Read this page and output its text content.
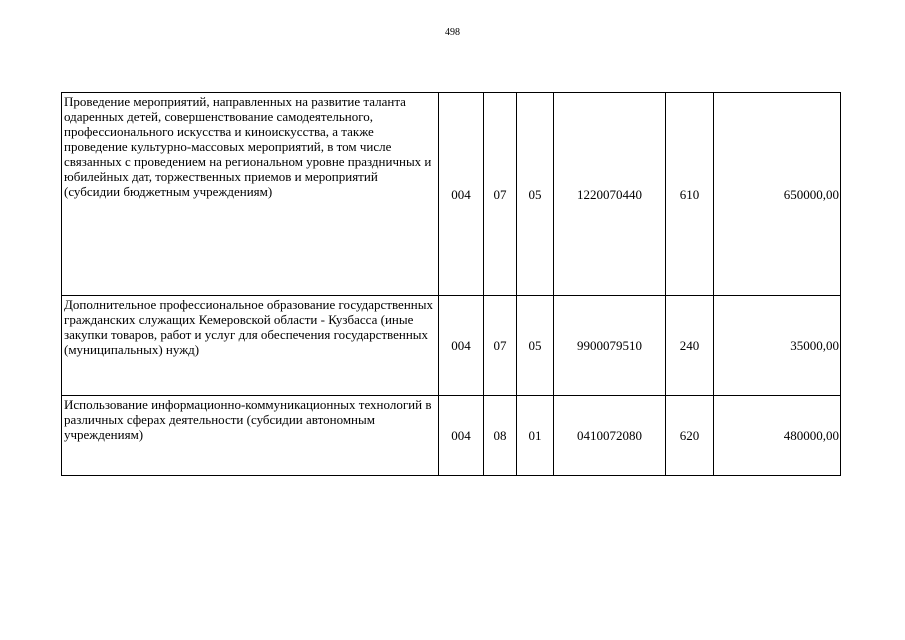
498
Проведение мероприятий, направленных на развитие таланта одаренных детей, совершенствование самодеятельного, профессионального искусства и киноискусства, а также проведение культурно-массовых мероприятий, в том числе связанных с проведением на региональном уровне праздничных и юбилейных дат, торжественных приемов и мероприятий (субсидии бюджетным учреждениям)	004	07	05	1220070440	610	650000,00
Дополнительное профессиональное образование государственных гражданских служащих Кемеровской области - Кузбасса (иные закупки товаров, работ и услуг для обеспечения государственных (муниципальных) нужд)	004	07	05	9900079510	240	35000,00
Использование информационно-коммуникационных технологий в различных сферах деятельности (субсидии автономным учреждениям)	004	08	01	0410072080	620	480000,00
